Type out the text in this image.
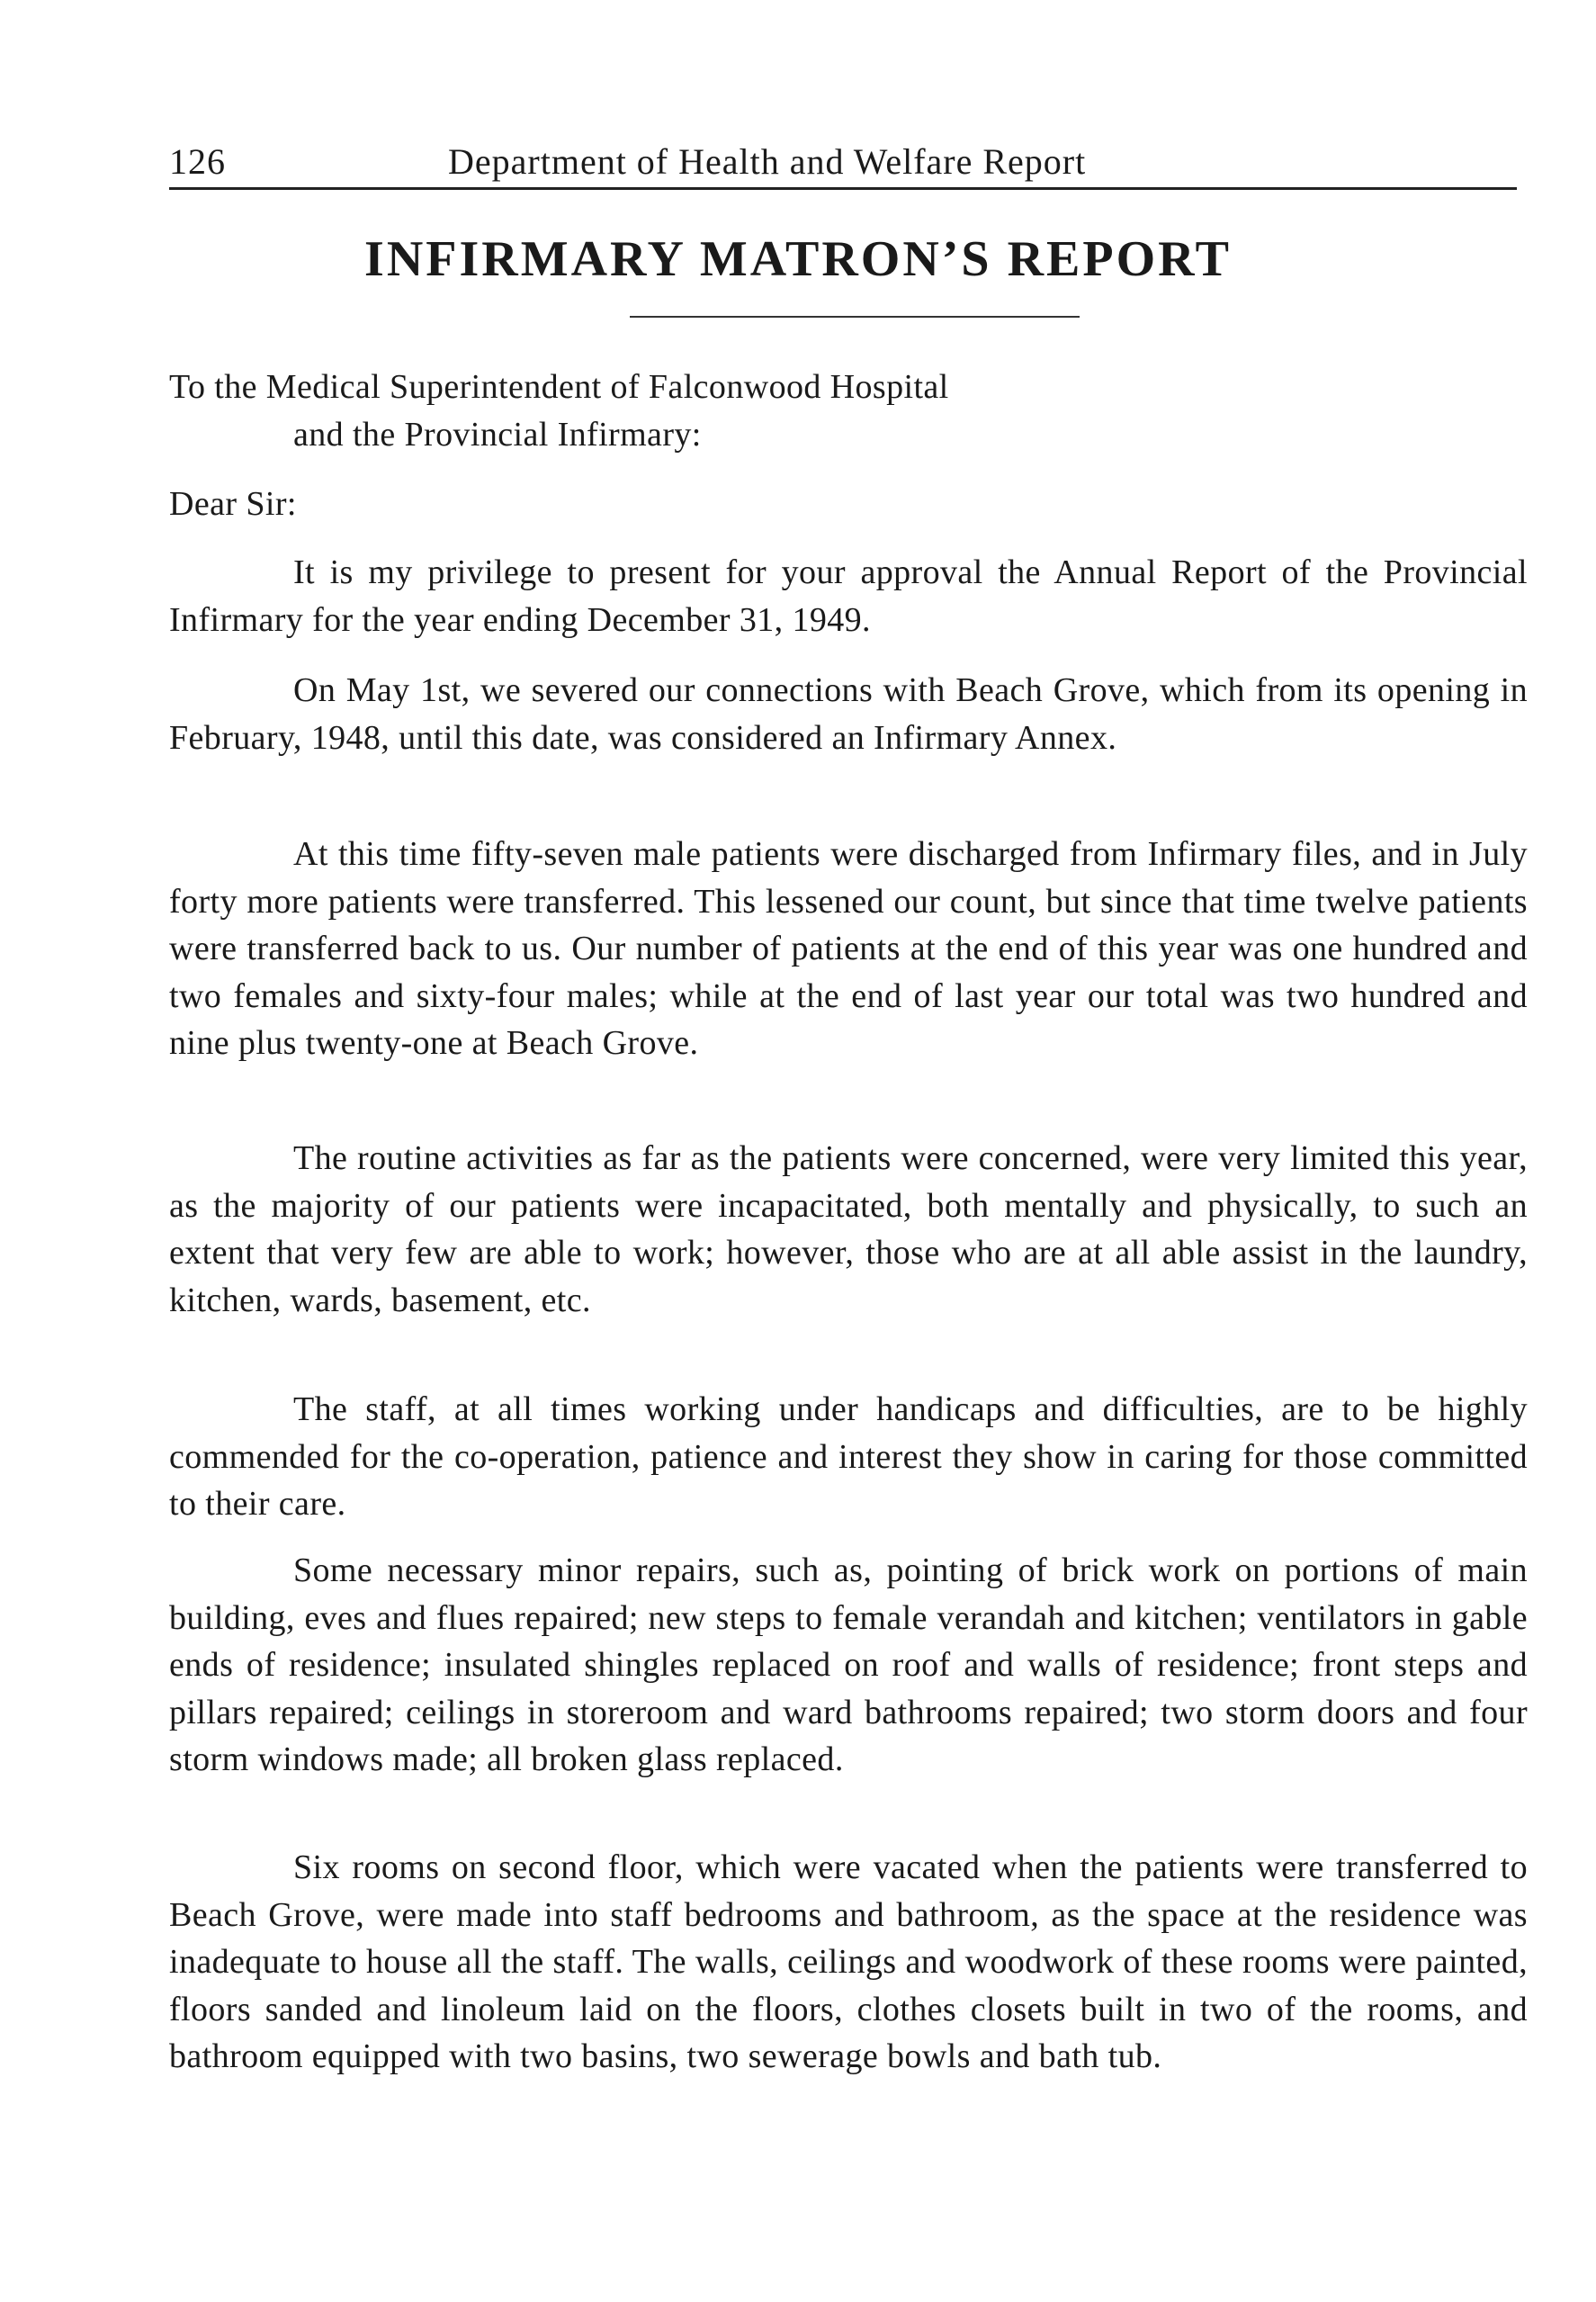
126	Department of Health and Welfare Report
INFIRMARY MATRON’S REPORT
To the Medical Superintendent of Falconwood Hospital
and the Provincial Infirmary:

Dear Sir:

It is my privilege to present for your approval the Annual Report of the Provincial Infirmary for the year ending December 31, 1949.

On May 1st, we severed our connections with Beach Grove, which from its opening in February, 1948, until this date, was considered an Infirmary Annex.

At this time fifty-seven male patients were discharged from Infirmary files, and in July forty more patients were transferred. This lessened our count, but since that time twelve patients were transferred back to us. Our number of patients at the end of this year was one hundred and two females and sixty-four males; while at the end of last year our total was two hundred and nine plus twenty-one at Beach Grove.

The routine activities as far as the patients were concerned, were very limited this year, as the majority of our patients were incapacitated, both mentally and physically, to such an extent that very few are able to work; however, those who are at all able assist in the laundry, kitchen, wards, basement, etc.

The staff, at all times working under handicaps and difficulties, are to be highly commended for the co-operation, patience and interest they show in caring for those committed to their care.

Some necessary minor repairs, such as, pointing of brick work on portions of main building, eves and flues repaired; new steps to female verandah and kitchen; ventilators in gable ends of residence; insulated shingles replaced on roof and walls of residence; front steps and pillars repaired; ceilings in storeroom and ward bathrooms repaired; two storm doors and four storm windows made; all broken glass replaced.

Six rooms on second floor, which were vacated when the patients were transferred to Beach Grove, were made into staff bedrooms and bathroom, as the space at the residence was inadequate to house all the staff. The walls, ceilings and woodwork of these rooms were painted, floors sanded and linoleum laid on the floors, clothes closets built in two of the rooms, and bathroom equipped with two basins, two sewerage bowls and bath tub.
